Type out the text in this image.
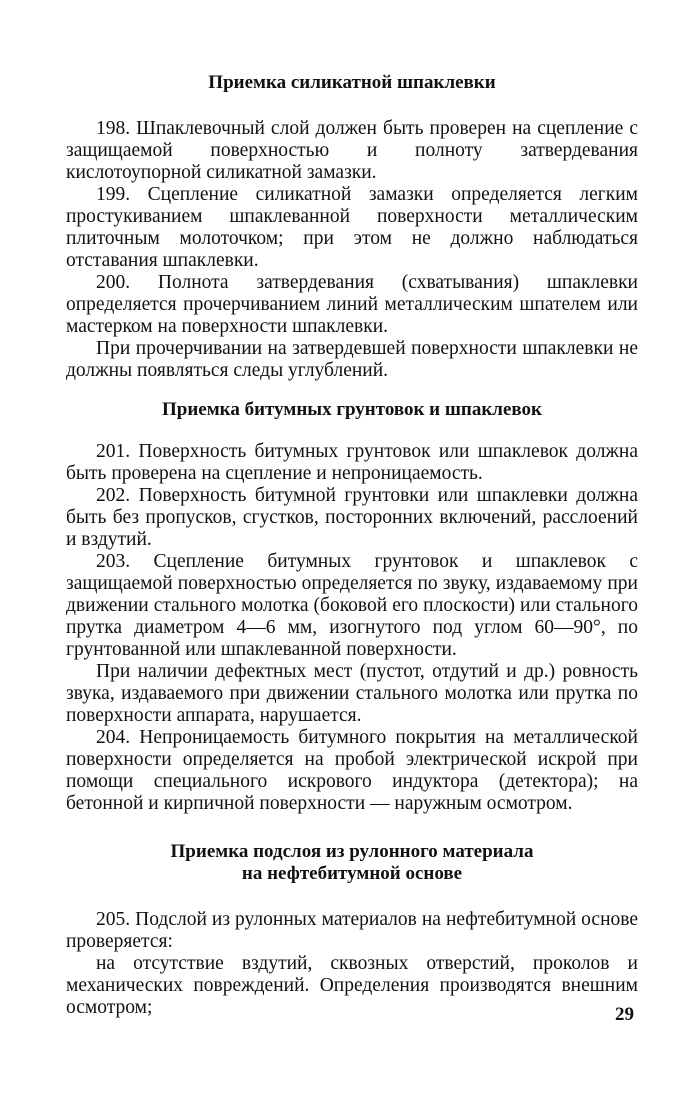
Приемка силикатной шпаклевки

198. Шпаклевочный слой должен быть проверен на сцепление с защищаемой поверхностью и полноту затвердевания кислотоупорной силикатной замазки.

199. Сцепление силикатной замазки определяется легким простукиванием шпаклеванной поверхности металлическим плиточным молоточком; при этом не должно наблюдаться отставания шпаклевки.

200. Полнота затвердевания (схватывания) шпаклевки определяется прочерчиванием линий металлическим шпателем или мастерком на поверхности шпаклевки.

При прочерчивании на затвердевшей поверхности шпаклевки не должны появляться следы углублений.

Приемка битумных грунтовок и шпаклевок

201. Поверхность битумных грунтовок или шпаклевок должна быть проверена на сцепление и непроницаемость.

202. Поверхность битумной грунтовки или шпаклевки должна быть без пропусков, сгустков, посторонних включений, расслоений и вздутий.

203. Сцепление битумных грунтовок и шпаклевок с защищаемой поверхностью определяется по звуку, издаваемому при движении стального молотка (боковой его плоскости) или стального прутка диаметром 4—6 мм, изогнутого под углом 60—90°, по грунтованной или шпаклеванной поверхности.

При наличии дефектных мест (пустот, отдутий и др.) ровность звука, издаваемого при движении стального молотка или прутка по поверхности аппарата, нарушается.

204. Непроницаемость битумного покрытия на металлической поверхности определяется на пробой электрической искрой при помощи специального искрового индуктора (детектора); на бетонной и кирпичной поверхности — наружным осмотром.

Приемка подслоя из рулонного материала
на нефтебитумной основе

205. Подслой из рулонных материалов на нефтебитумной основе проверяется:

на отсутствие вздутий, сквозных отверстий, проколов и механических повреждений. Определения производятся внешним осмотром;	29
